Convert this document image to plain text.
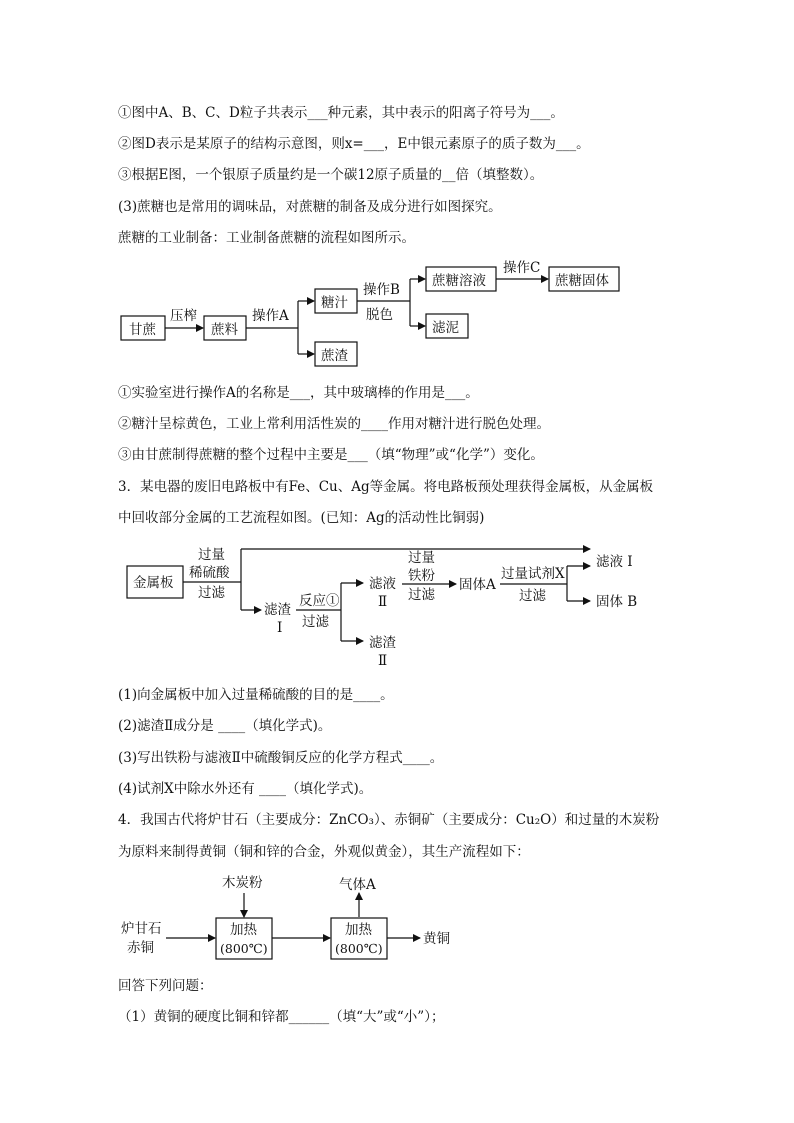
①图中A、B、C、D粒子共表示___种元素，其中表示的阳离子符号为___。
②图D表示是某原子的结构示意图，则x=___，E中银元素原子的质子数为___。
③根据E图，一个银原子质量约是一个碳12原子质量的__倍（填整数）。
(3)蔗糖也是常用的调味品，对蔗糖的制备及成分进行如图探究。
蔗糖的工业制备：工业制备蔗糖的流程如图所示。
甘蔗
压榨
蔗料
操作A
糖汁
蔗渣
操作B
脱色
蔗糖溶液
滤泥
操作C
蔗糖固体
金属板
过量
稀硫酸
过滤
滤液 Ⅰ
滤渣
Ⅰ
反应①
过滤
滤液
Ⅱ
滤渣
Ⅱ
过量
铁粉
过滤
固体A
过量试剂X
过滤	固体 B
木炭粉	气体A
炉甘石
赤铜
加热
(800℃)
加热
(800℃)
黄铜
①实验室进行操作A的名称是___，其中玻璃棒的作用是___。
②糖汁呈棕黄色，工业上常利用活性炭的____作用对糖汁进行脱色处理。
③由甘蔗制得蔗糖的整个过程中主要是___（填“物理”或“化学”）变化。
3．某电器的废旧电路板中有Fe、Cu、Ag等金属。将电路板预处理获得金属板，从金属板
中回收部分金属的工艺流程如图。(已知：Ag的活动性比铜弱)
(1)向金属板中加入过量稀硫酸的目的是____。
(2)滤渣Ⅱ成分是 ____（填化学式)。
(3)写出铁粉与滤液Ⅱ中硫酸铜反应的化学方程式____。
(4)试剂X中除水外还有 ____（填化学式)。
4．我国古代将炉甘石（主要成分：ZnCO₃）、赤铜矿（主要成分：Cu₂O）和过量的木炭粉
为原料来制得黄铜（铜和锌的合金，外观似黄金），其生产流程如下：
回答下列问题：
（1）黄铜的硬度比铜和锌都______（填“大”或“小”）；
